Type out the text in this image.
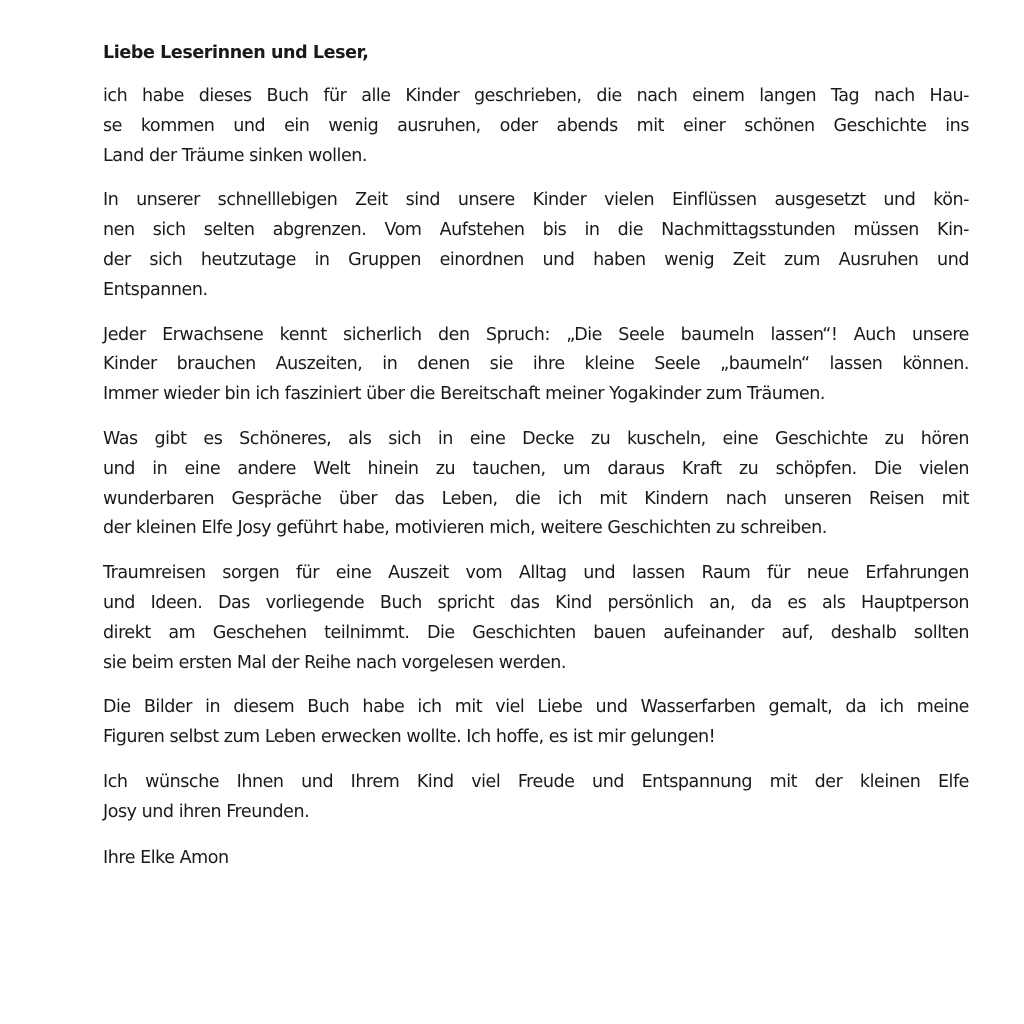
Liebe Leserinnen und Leser,
ich habe dieses Buch für alle Kinder geschrieben, die nach einem langen Tag nach Hau-
se kommen und ein wenig ausruhen, oder abends mit einer schönen Geschichte ins
Land der Träume sinken wollen.
In unserer schnelllebigen Zeit sind unsere Kinder vielen Einflüssen ausgesetzt und kön-
nen sich selten abgrenzen. Vom Aufstehen bis in die Nachmittagsstunden müssen Kin-
der sich heutzutage in Gruppen einordnen und haben wenig Zeit zum Ausruhen und
Entspannen.
Jeder Erwachsene kennt sicherlich den Spruch: „Die Seele baumeln lassen“! Auch unsere
Kinder brauchen Auszeiten, in denen sie ihre kleine Seele „baumeln“ lassen können.
Immer wieder bin ich fasziniert über die Bereitschaft meiner Yogakinder zum Träumen.
Was gibt es Schöneres, als sich in eine Decke zu kuscheln, eine Geschichte zu hören
und in eine andere Welt hinein zu tauchen, um daraus Kraft zu schöpfen. Die vielen
wunderbaren Gespräche über das Leben, die ich mit Kindern nach unseren Reisen mit
der kleinen Elfe Josy geführt habe, motivieren mich, weitere Geschichten zu schreiben.
Traumreisen sorgen für eine Auszeit vom Alltag und lassen Raum für neue Erfahrungen
und Ideen. Das vorliegende Buch spricht das Kind persönlich an, da es als Hauptperson
direkt am Geschehen teilnimmt. Die Geschichten bauen aufeinander auf, deshalb sollten
sie beim ersten Mal der Reihe nach vorgelesen werden.
Die Bilder in diesem Buch habe ich mit viel Liebe und Wasserfarben gemalt, da ich meine
Figuren selbst zum Leben erwecken wollte. Ich hoffe, es ist mir gelungen!
Ich wünsche Ihnen und Ihrem Kind viel Freude und Entspannung mit der kleinen Elfe
Josy und ihren Freunden.
Ihre Elke Amon
